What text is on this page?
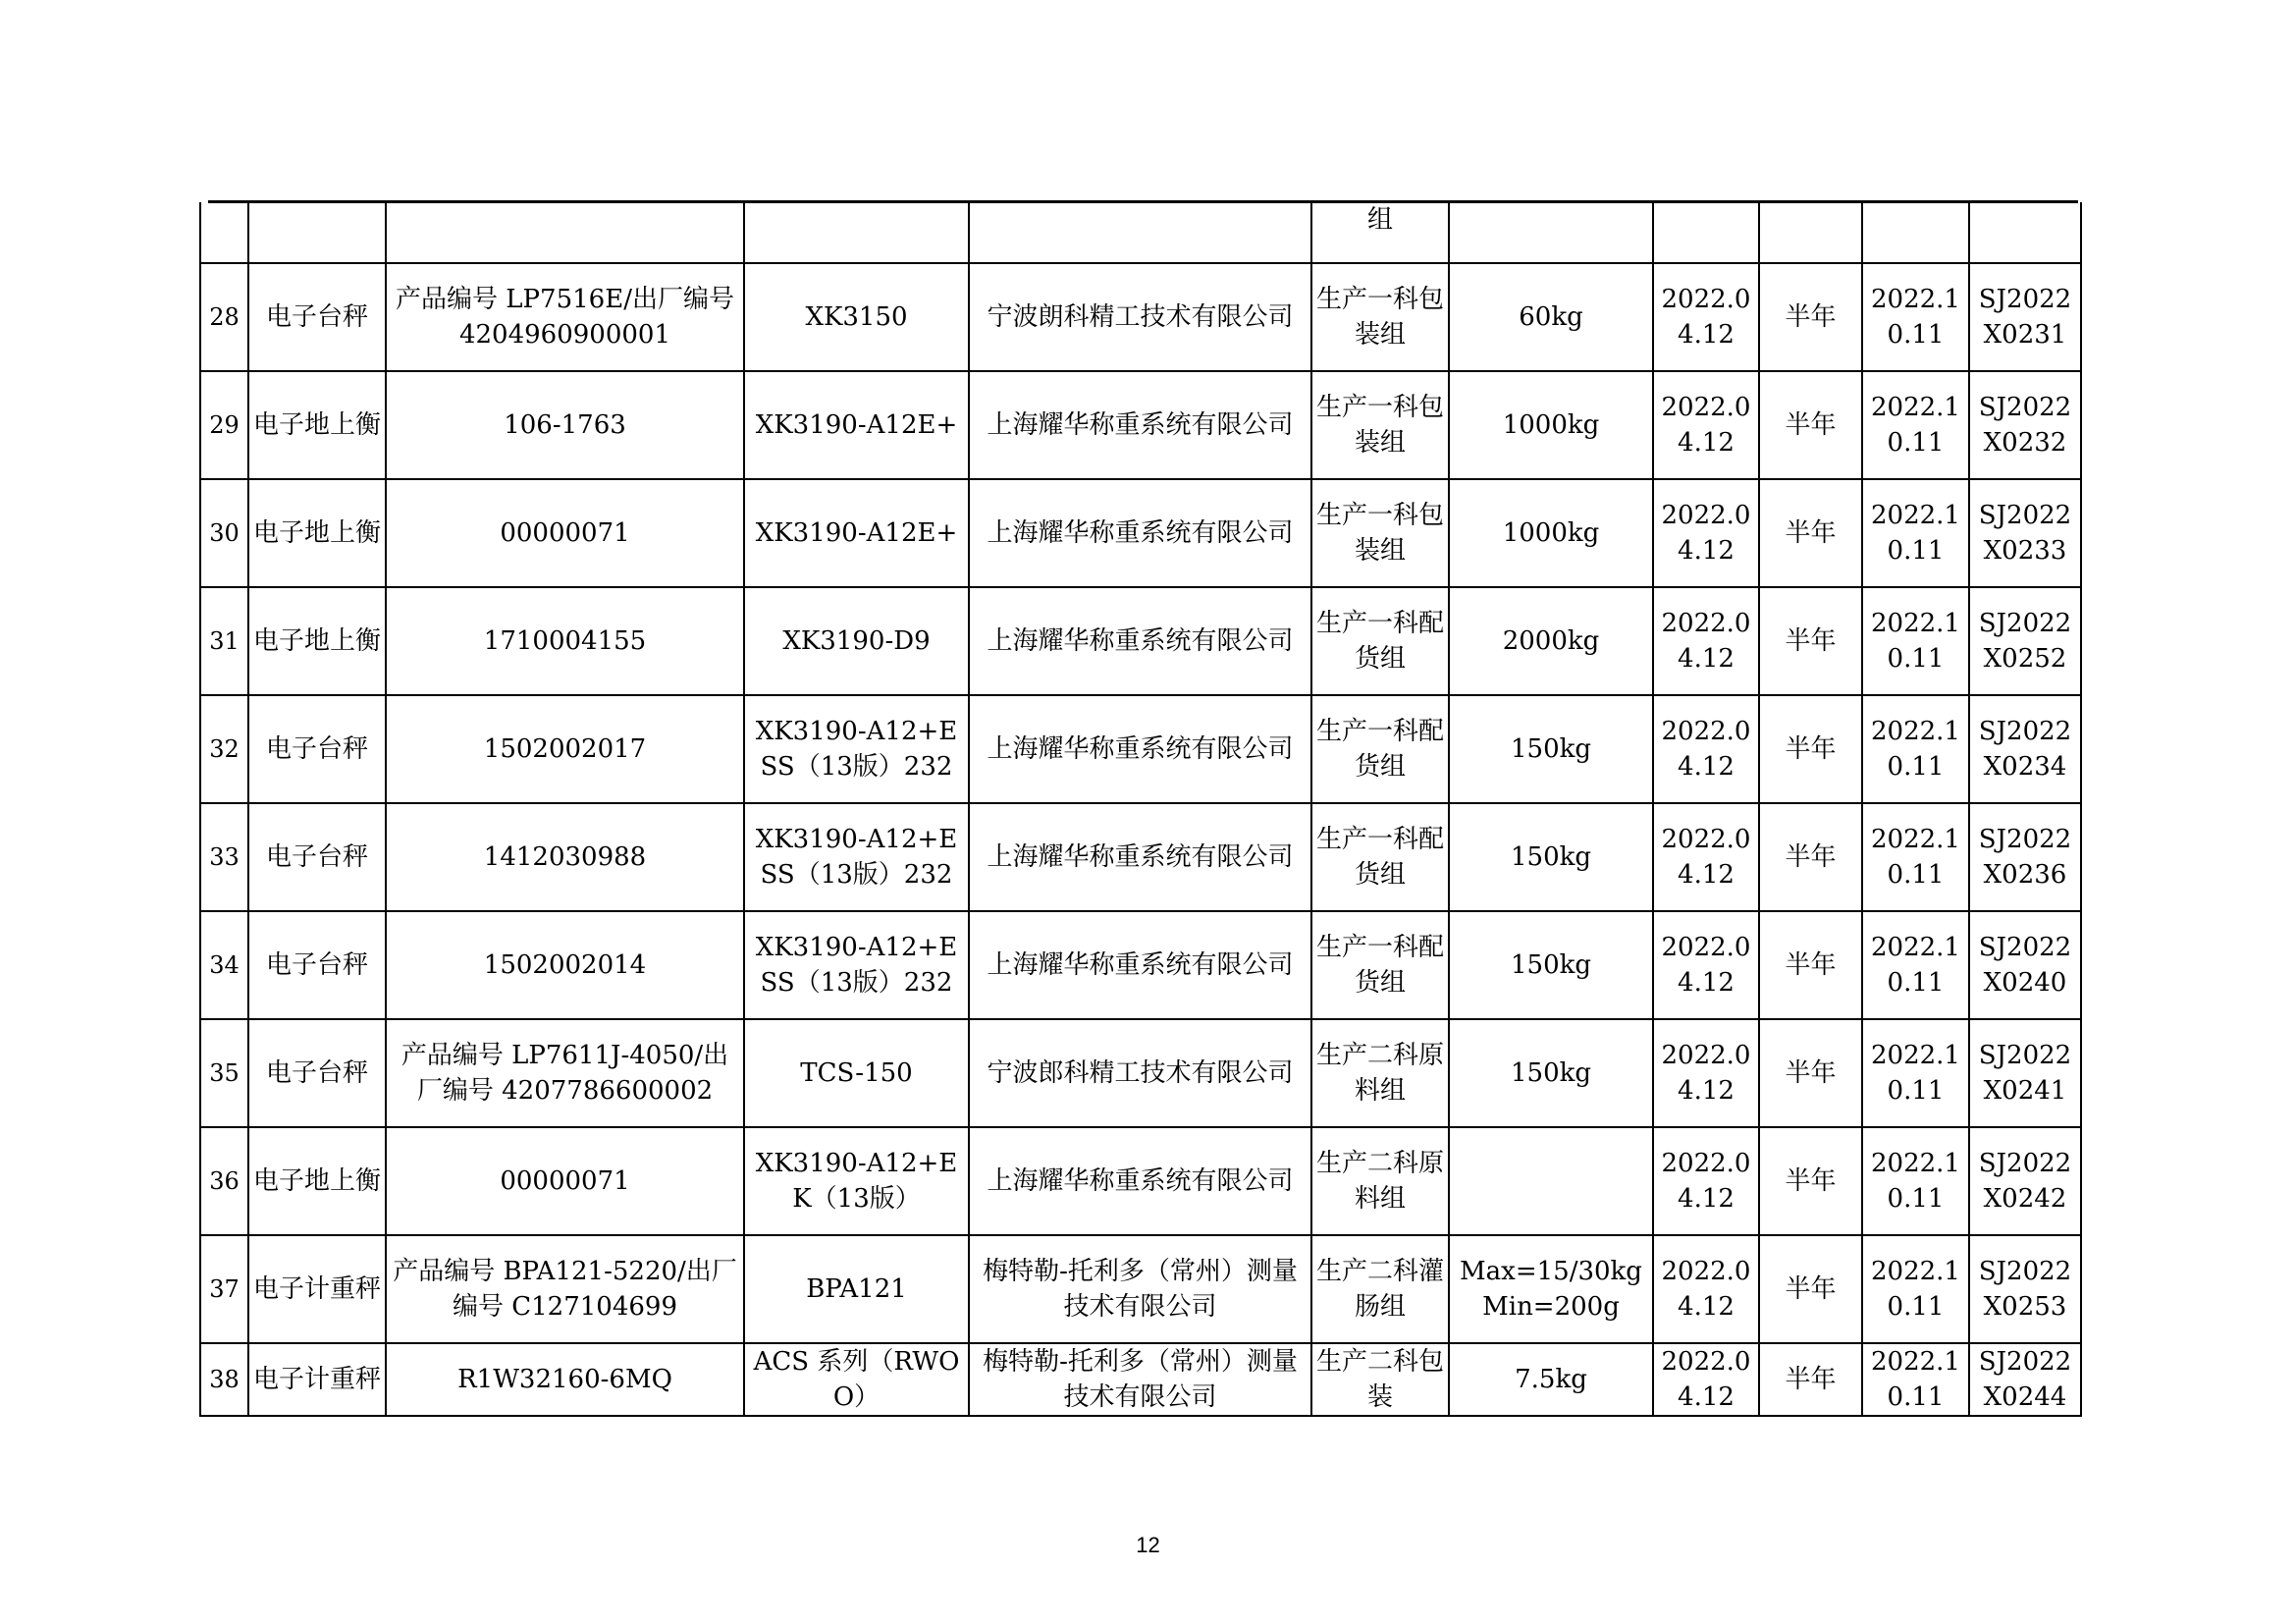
					组					
28	电子台秤	产品编号 LP7516E/出厂编号 4204960900001	XK3150	宁波朗科精工技术有限公司	生产一科包装组	60kg	2022.04.12	半年	2022.10.11	SJ2022X0231
29	电子地上衡	106-1763	XK3190-A12E+	上海耀华称重系统有限公司	生产一科包装组	1000kg	2022.04.12	半年	2022.10.11	SJ2022X0232
30	电子地上衡	00000071	XK3190-A12E+	上海耀华称重系统有限公司	生产一科包装组	1000kg	2022.04.12	半年	2022.10.11	SJ2022X0233
31	电子地上衡	1710004155	XK3190-D9	上海耀华称重系统有限公司	生产一科配货组	2000kg	2022.04.12	半年	2022.10.11	SJ2022X0252
32	电子台秤	1502002017	XK3190-A12+ESS（13版）232	上海耀华称重系统有限公司	生产一科配货组	150kg	2022.04.12	半年	2022.10.11	SJ2022X0234
33	电子台秤	1412030988	XK3190-A12+ESS（13版）232	上海耀华称重系统有限公司	生产一科配货组	150kg	2022.04.12	半年	2022.10.11	SJ2022X0236
34	电子台秤	1502002014	XK3190-A12+ESS（13版）232	上海耀华称重系统有限公司	生产一科配货组	150kg	2022.04.12	半年	2022.10.11	SJ2022X0240
35	电子台秤	产品编号 LP7611J-4050/出厂编号 4207786600002	TCS-150	宁波郎科精工技术有限公司	生产二科原料组	150kg	2022.04.12	半年	2022.10.11	SJ2022X0241
36	电子地上衡	00000071	XK3190-A12+EK（13版）	上海耀华称重系统有限公司	生产二科原料组		2022.04.12	半年	2022.10.11	SJ2022X0242
37	电子计重秤	产品编号 BPA121-5220/出厂编号 C127104699	BPA121	梅特勒-托利多（常州）测量技术有限公司	生产二科灌肠组	Max=15/30kg Min=200g	2022.04.12	半年	2022.10.11	SJ2022X0253
38	电子计重秤	R1W32160-6MQ	ACS 系列（RWOO）	梅特勒-托利多（常州）测量技术有限公司	生产二科包装	7.5kg	2022.04.12	半年	2022.10.11	SJ2022X0244
12
